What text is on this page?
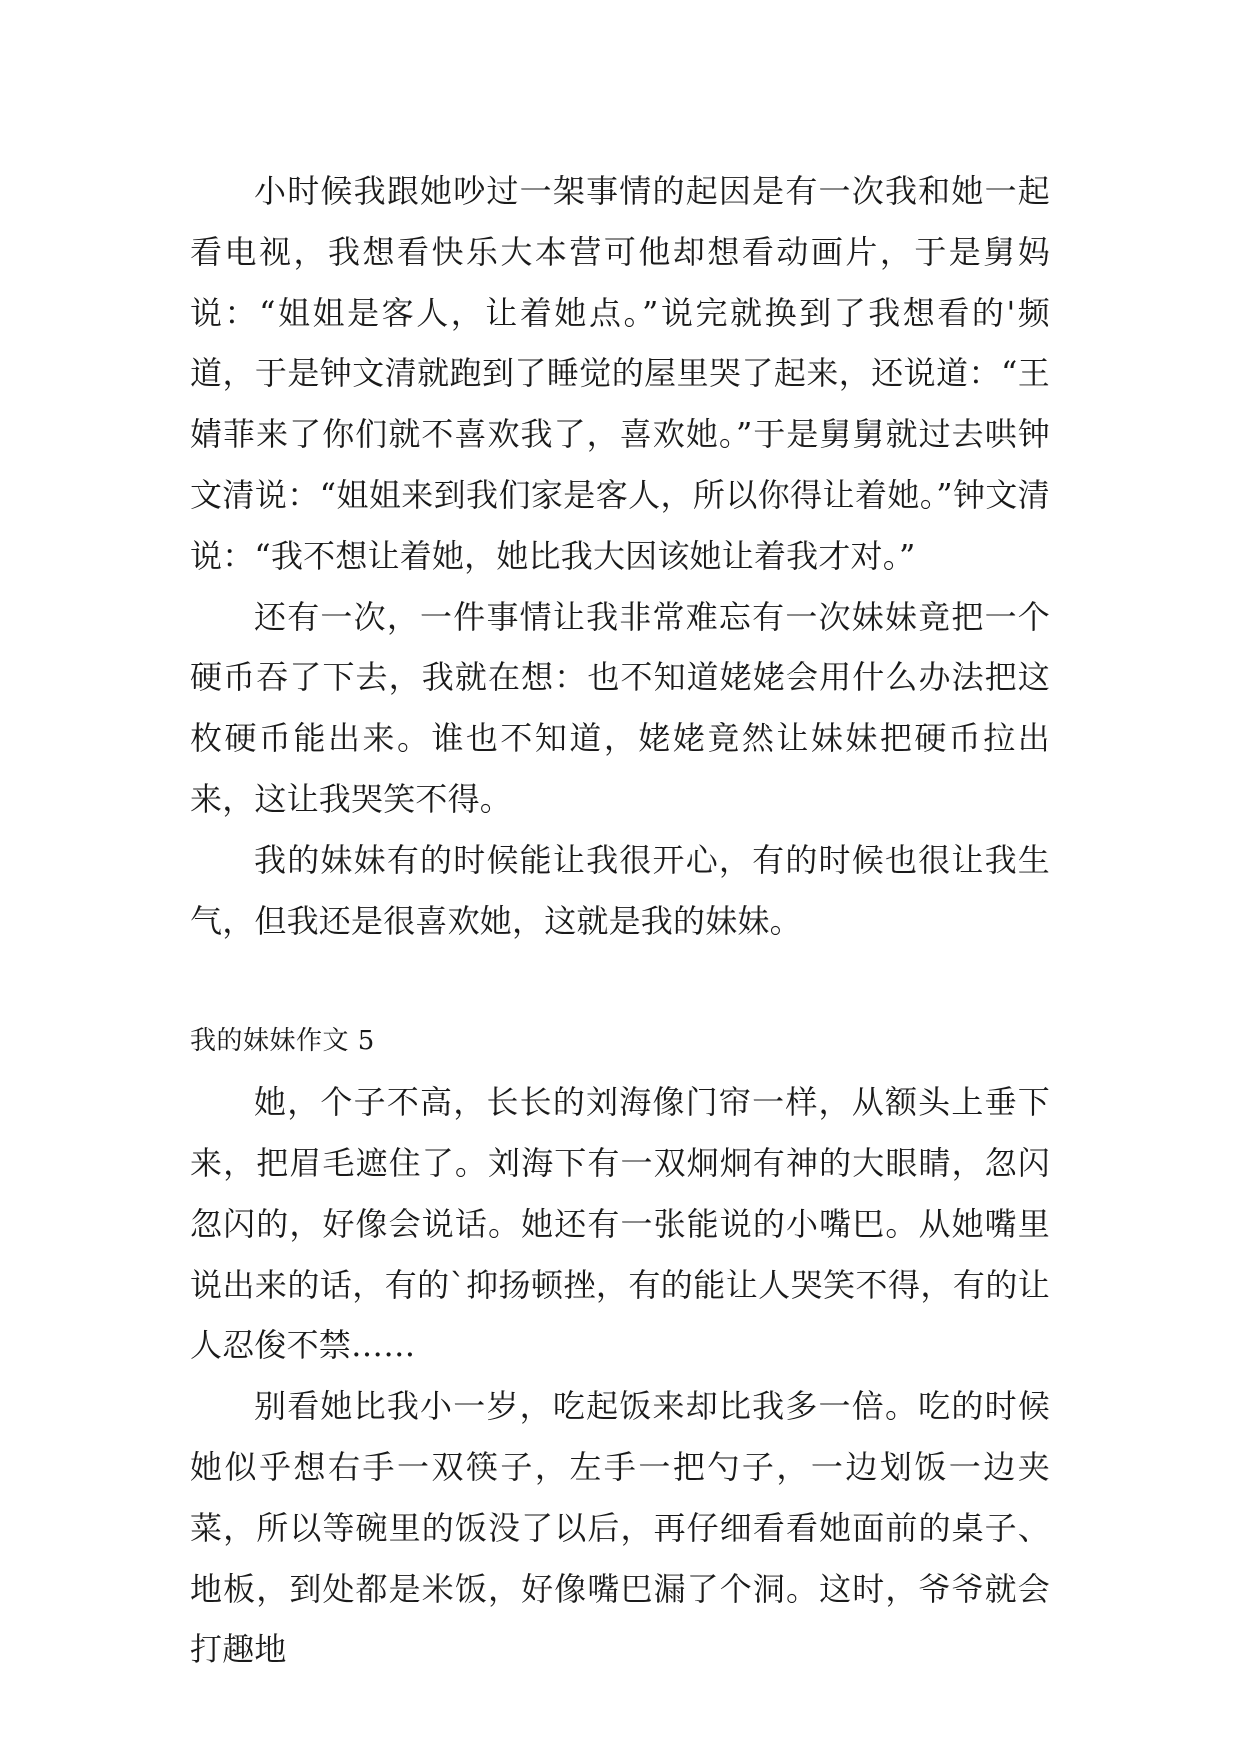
小时候我跟她吵过一架事情的起因是有一次我和她一起看电视，我想看快乐大本营可他却想看动画片，于是舅妈说：“姐姐是客人，让着她点。”说完就换到了我想看的'频道，于是钟文清就跑到了睡觉的屋里哭了起来，还说道：“王婧菲来了你们就不喜欢我了，喜欢她。”于是舅舅就过去哄钟文清说：“姐姐来到我们家是客人，所以你得让着她。”钟文清说：“我不想让着她，她比我大因该她让着我才对。”

还有一次，一件事情让我非常难忘有一次妹妹竟把一个硬币吞了下去，我就在想：也不知道姥姥会用什么办法把这枚硬币能出来。谁也不知道，姥姥竟然让妹妹把硬币拉出来，这让我哭笑不得。

我的妹妹有的时候能让我很开心，有的时候也很让我生气，但我还是很喜欢她，这就是我的妹妹。

我的妹妹作文 5

她，个子不高，长长的刘海像门帘一样，从额头上垂下来，把眉毛遮住了。刘海下有一双炯炯有神的大眼睛，忽闪忽闪的，好像会说话。她还有一张能说的小嘴巴。从她嘴里说出来的话，有的`抑扬顿挫，有的能让人哭笑不得，有的让人忍俊不禁……

别看她比我小一岁，吃起饭来却比我多一倍。吃的时候她似乎想右手一双筷子，左手一把勺子，一边划饭一边夹菜，所以等碗里的饭没了以后，再仔细看看她面前的桌子、地板，到处都是米饭，好像嘴巴漏了个洞。这时，爷爷就会打趣地
